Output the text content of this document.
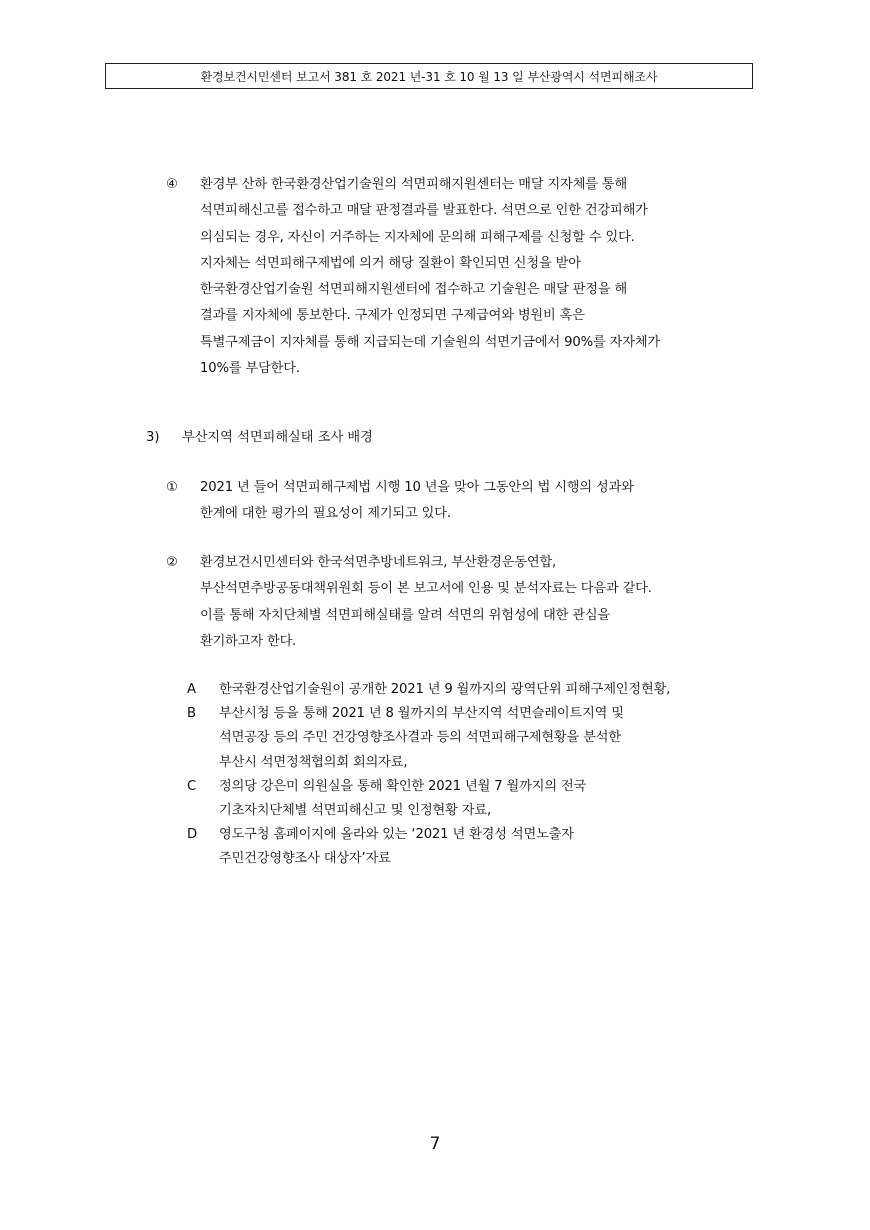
환경보건시민센터 보고서 381 호 2021 년-31 호 10 월 13 일 부산광역시 석면피해조사
④ 환경부 산하 한국환경산업기술원의 석면피해지원센터는 매달 지자체를 통해
석면피해신고를 접수하고 매달 판정결과를 발표한다. 석면으로 인한 건강피해가
의심되는 경우, 자신이 거주하는 지자체에 문의해 피해구제를 신청할 수 있다.
지자체는 석면피해구제법에 의거 해당 질환이 확인되면 신청을 받아
한국환경산업기술원 석면피해지원센터에 접수하고 기술원은 매달 판정을 해
결과를 지자체에 통보한다. 구제가 인정되면 구제급여와 병원비 혹은
특별구제금이 지자체를 통해 지급되는데 기술원의 석면기금에서 90%를 자자체가
10%를 부담한다.
3) 부산지역 석면피해실태 조사 배경
① 2021 년 들어 석면피해구제법 시행 10 년을 맞아 그동안의 법 시행의 성과와
한계에 대한 평가의 필요성이 제기되고 있다.
② 환경보건시민센터와 한국석면추방네트워크, 부산환경운동연합,
부산석면추방공동대책위원회 등이 본 보고서에 인용 및 분석자료는 다음과 같다.
이를 통해 자치단체별 석면피해실태를 알려 석면의 위험성에 대한 관심을
환기하고자 한다.
A 한국환경산업기술원이 공개한 2021 년 9 월까지의 광역단위 피해구제인정현황,
B 부산시청 등을 통해 2021 년 8 월까지의 부산지역 석면슬레이트지역 및
석면공장 등의 주민 건강영향조사결과 등의 석면피해구제현황을 분석한
부산시 석면정책협의회 회의자료,
C 정의당 강은미 의원실을 통해 확인한 2021 년월 7 월까지의 전국
기초자치단체별 석면피해신고 및 인정현황 자료,
D 영도구청 홈페이지에 올라와 있는 ‘2021 년 환경성 석면노출자
주민건강영향조사 대상자’자료
7
